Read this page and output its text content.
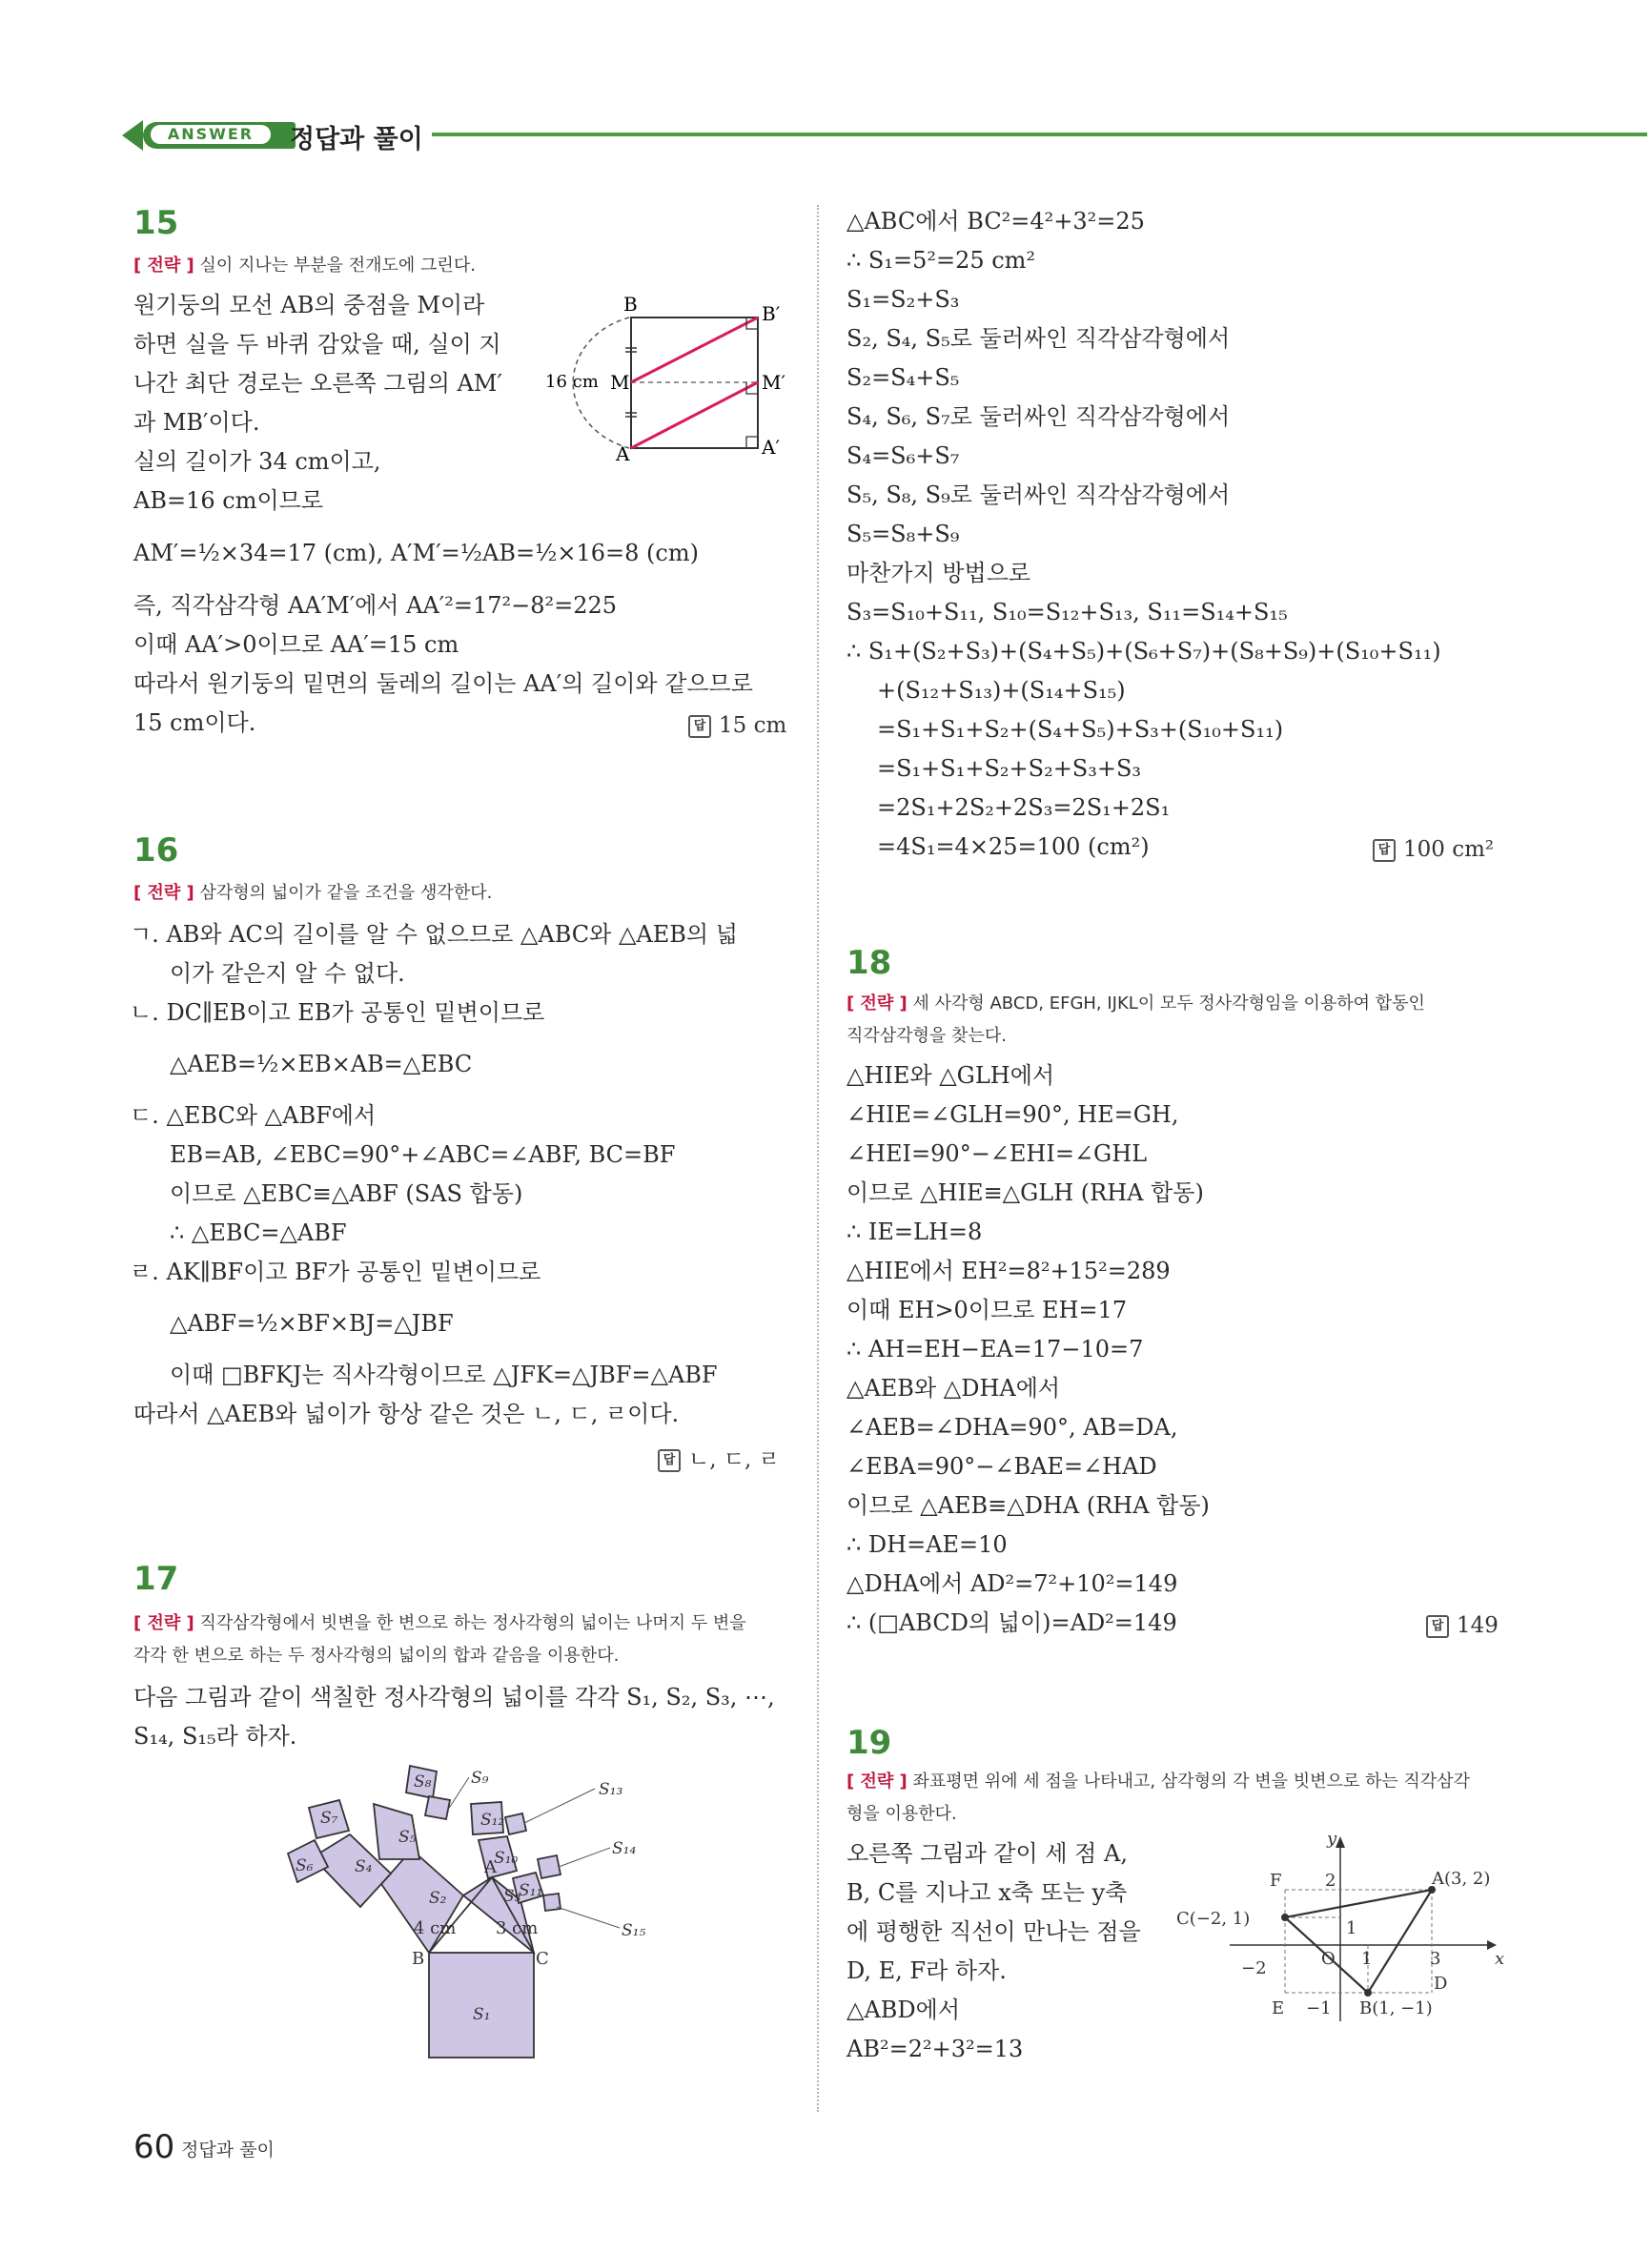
ANSWER	정답과 풀이
15
[ 전략 ] 실이 지나는 부분을 전개도에 그린다.
원기둥의 모선 AB의 중점을 M이라
하면 실을 두 바퀴 감았을 때, 실이 지
나간 최단 경로는 오른쪽 그림의 AM′
과 MB′이다.
실의 길이가 34 cm이고,
AB=16 cm이므로
AM′=½×34=17 (cm), A′M′=½AB=½×16=8 (cm)
즉, 직각삼각형 AA′M′에서 AA′²=17²−8²=225
이때 AA′>0이므로 AA′=15 cm
따라서 원기둥의 밑면의 둘레의 길이는 AA′의 길이와 같으므로
15 cm이다.	답 15 cm
B	B′
M	M′
A	A′
16 cm
16
[ 전략 ] 삼각형의 넓이가 같을 조건을 생각한다.
ㄱ. AB와 AC의 길이를 알 수 없으므로 △ABC와 △AEB의 넓
이가 같은지 알 수 없다.
ㄴ. DC∥EB이고 EB가 공통인 밑변이므로
△AEB=½×EB×AB=△EBC
ㄷ. △EBC와 △ABF에서
EB=AB, ∠EBC=90°+∠ABC=∠ABF, BC=BF
이므로 △EBC≡△ABF (SAS 합동)
∴ △EBC=△ABF
ㄹ. AK∥BF이고 BF가 공통인 밑변이므로
△ABF=½×BF×BJ=△JBF
이때 □BFKJ는 직사각형이므로 △JFK=△JBF=△ABF
따라서 △AEB와 넓이가 항상 같은 것은 ㄴ, ㄷ, ㄹ이다.
답 ㄴ, ㄷ, ㄹ
17
[ 전략 ] 직각삼각형에서 빗변을 한 변으로 하는 정사각형의 넓이는 나머지 두 변을
각각 한 변으로 하는 두 정사각형의 넓이의 합과 같음을 이용한다.
다음 그림과 같이 색칠한 정사각형의 넓이를 각각 S₁, S₂, S₃, ⋯,
S₁₄, S₁₅라 하자.
S₁
S₂	S₃
S₄
S₅
S₆
S₇
S₈
S₁₀
S₁₁
S₁₂
S₉
S₁₃
S₁₄
S₁₅
A
B	C
4 cm 3 cm
△ABC에서 BC²=4²+3²=25
∴ S₁=5²=25 cm²
S₁=S₂+S₃
S₂, S₄, S₅로 둘러싸인 직각삼각형에서
S₂=S₄+S₅
S₄, S₆, S₇로 둘러싸인 직각삼각형에서
S₄=S₆+S₇
S₅, S₈, S₉로 둘러싸인 직각삼각형에서
S₅=S₈+S₉
마찬가지 방법으로
S₃=S₁₀+S₁₁, S₁₀=S₁₂+S₁₃, S₁₁=S₁₄+S₁₅
∴ S₁+(S₂+S₃)+(S₄+S₅)+(S₆+S₇)+(S₈+S₉)+(S₁₀+S₁₁)
+(S₁₂+S₁₃)+(S₁₄+S₁₅)
=S₁+S₁+S₂+(S₄+S₅)+S₃+(S₁₀+S₁₁)
=S₁+S₁+S₂+S₂+S₃+S₃
=2S₁+2S₂+2S₃=2S₁+2S₁
=4S₁=4×25=100 (cm²)	답 100 cm²
18
[ 전략 ] 세 사각형 ABCD, EFGH, IJKL이 모두 정사각형임을 이용하여 합동인
직각삼각형을 찾는다.
△HIE와 △GLH에서
∠HIE=∠GLH=90°, HE=GH,
∠HEI=90°−∠EHI=∠GHL
이므로 △HIE≡△GLH (RHA 합동)
∴ IE=LH=8
△HIE에서 EH²=8²+15²=289
이때 EH>0이므로 EH=17
∴ AH=EH−EA=17−10=7
△AEB와 △DHA에서
∠AEB=∠DHA=90°, AB=DA,
∠EBA=90°−∠BAE=∠HAD
이므로 △AEB≡△DHA (RHA 합동)
∴ DH=AE=10
△DHA에서 AD²=7²+10²=149
∴ (□ABCD의 넓이)=AD²=149	답 149
19
[ 전략 ] 좌표평면 위에 세 점을 나타내고, 삼각형의 각 변을 빗변으로 하는 직각삼각
형을 이용한다.
오른쪽 그림과 같이 세 점 A,
B, C를 지나고 x축 또는 y축
에 평행한 직선이 만나는 점을
D, E, F라 하자.
△ABD에서
AB²=2²+3²=13
y
x
O
F	A(3, 2)
C(−2, 1)
B(1, −1)
D
E
2
1
1	3
−2
−1
60 정답과 풀이
